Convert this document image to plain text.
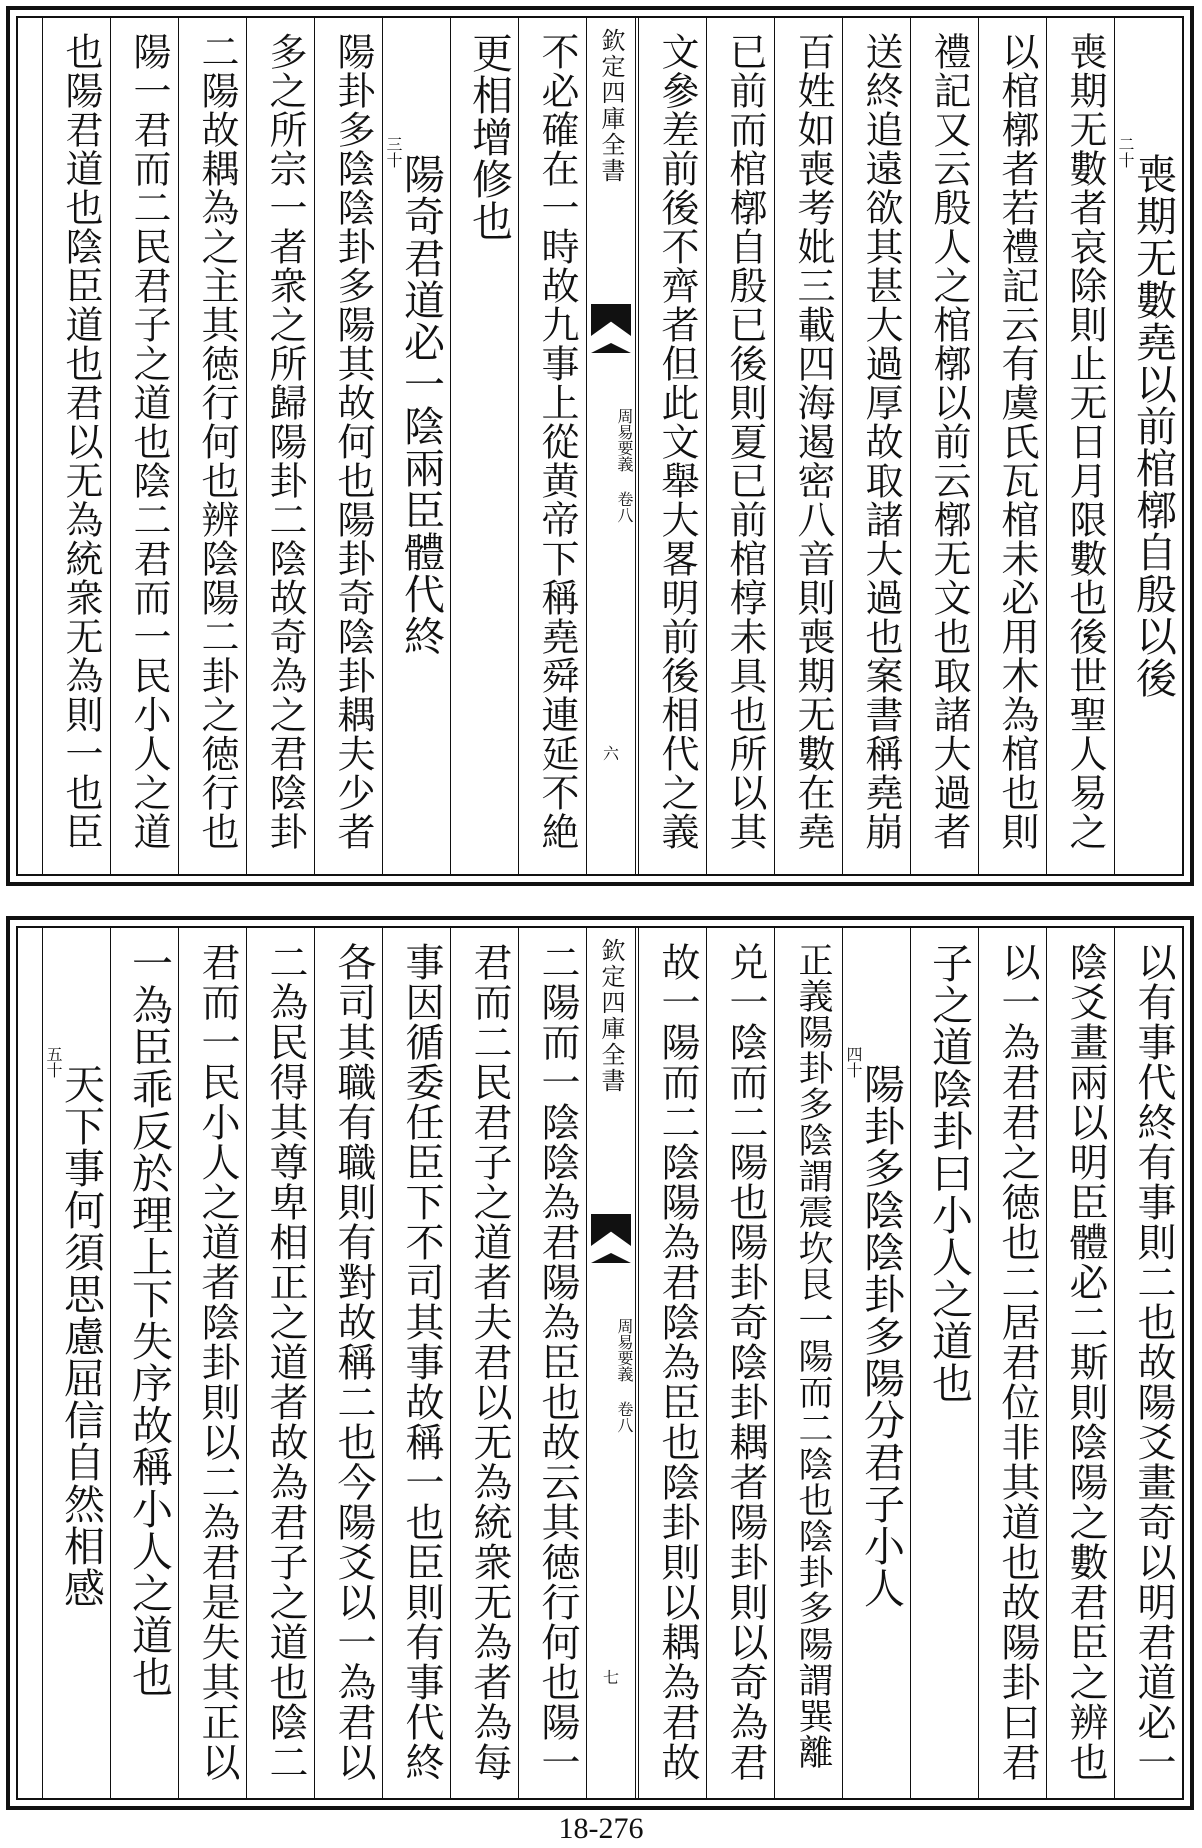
二十
喪期无數堯以前棺槨自殷以後
喪期无數者哀除則止无日月限數也後世聖人易之
以棺槨者若禮記云有虞氏瓦棺未必用木為棺也則
禮記又云殷人之棺槨以前云槨无文也取諸大過者
送終追遠欲其甚大過厚故取諸大過也案書稱堯崩
百姓如喪考妣三載四海遏密八音則喪期无數在堯
已前而棺槨自殷已後則夏已前棺椁未具也所以其
文參差前後不齊者但此文舉大畧明前後相代之義
欽定四庫全書
周易要義 卷八
六
不必確在一時故九事上從黄帝下稱堯舜連延不絶
更相增修也
三十
陽奇君道必一陰兩臣體代終
陽卦多陰陰卦多陽其故何也陽卦奇陰卦耦夫少者
多之所宗一者衆之所歸陽卦二陰故奇為之君陰卦
二陽故耦為之主其徳行何也辨陰陽二卦之徳行也
陽一君而二民君子之道也陰二君而一民小人之道
也陽君道也陰臣道也君以无為統衆无為則一也臣
以有事代終有事則二也故陽爻畫奇以明君道必一
陰爻畫兩以明臣體必二斯則陰陽之數君臣之辨也
以一為君君之徳也二居君位非其道也故陽卦曰君
子之道陰卦曰小人之道也
四十
陽卦多陰陰卦多陽分君子小人
正義陽卦多陰謂震坎艮一陽而二陰也陰卦多陽謂巽離
兑一陰而二陽也陽卦奇陰卦耦者陽卦則以奇為君
故一陽而二陰陽為君陰為臣也陰卦則以耦為君故
欽定四庫全書
周易要義 卷八
七
二陽而一陰陰為君陽為臣也故云其徳行何也陽一
君而二民君子之道者夫君以无為統衆无為者為每
事因循委任臣下不司其事故稱一也臣則有事代終
各司其職有職則有對故稱二也今陽爻以一為君以
二為民得其尊卑相正之道者故為君子之道也陰二
君而一民小人之道者陰卦則以二為君是失其正以
一為臣乖反於理上下失序故稱小人之道也
五十
天下事何須思慮屈信自然相感
18-276
